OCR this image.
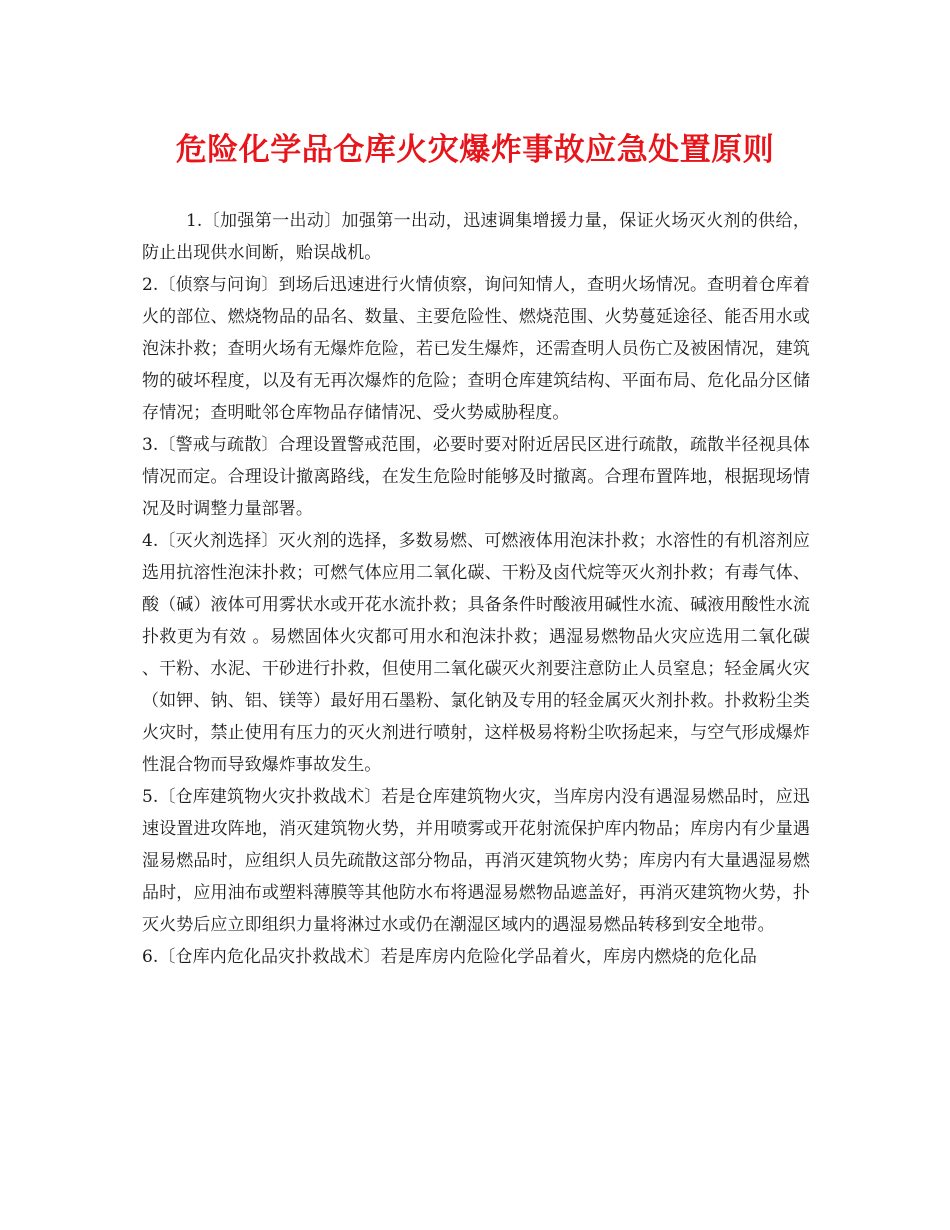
危险化学品仓库火灾爆炸事故应急处置原则

1.〔加强第一出动〕加强第一出动，迅速调集增援力量，保证火场灭火剂的供给，防止出现供水间断，贻误战机。

2.〔侦察与问询〕到场后迅速进行火情侦察，询问知情人，查明火场情况。查明着仓库着火的部位、燃烧物品的品名、数量、主要危险性、燃烧范围、火势蔓延途径、能否用水或泡沫扑救；查明火场有无爆炸危险，若已发生爆炸，还需查明人员伤亡及被困情况，建筑物的破坏程度，以及有无再次爆炸的危险；查明仓库建筑结构、平面布局、危化品分区储存情况；查明毗邻仓库物品存储情况、受火势威胁程度。

3.〔警戒与疏散〕合理设置警戒范围，必要时要对附近居民区进行疏散，疏散半径视具体情况而定。合理设计撤离路线，在发生危险时能够及时撤离。合理布置阵地，根据现场情况及时调整力量部署。

4.〔灭火剂选择〕灭火剂的选择，多数易燃、可燃液体用泡沫扑救；水溶性的有机溶剂应选用抗溶性泡沫扑救；可燃气体应用二氧化碳、干粉及卤代烷等灭火剂扑救；有毒气体、酸（碱）液体可用雾状水或开花水流扑救；具备条件时酸液用碱性水流、碱液用酸性水流扑救更为有效 。易燃固体火灾都可用水和泡沫扑救；遇湿易燃物品火灾应选用二氧化碳、干粉、水泥、干砂进行扑救，但使用二氧化碳灭火剂要注意防止人员窒息；轻金属火灾（如钾、钠、铝、镁等）最好用石墨粉、氯化钠及专用的轻金属灭火剂扑救。扑救粉尘类火灾时，禁止使用有压力的灭火剂进行喷射，这样极易将粉尘吹扬起来，与空气形成爆炸性混合物而导致爆炸事故发生。

5.〔仓库建筑物火灾扑救战术〕若是仓库建筑物火灾，当库房内没有遇湿易燃品时，应迅速设置进攻阵地，消灭建筑物火势，并用喷雾或开花射流保护库内物品；库房内有少量遇湿易燃品时，应组织人员先疏散这部分物品，再消灭建筑物火势；库房内有大量遇湿易燃品时，应用油布或塑料薄膜等其他防水布将遇湿易燃物品遮盖好，再消灭建筑物火势，扑灭火势后应立即组织力量将淋过水或仍在潮湿区域内的遇湿易燃品转移到安全地带。

6.〔仓库内危化品灾扑救战术〕若是库房内危险化学品着火，库房内燃烧的危化品
